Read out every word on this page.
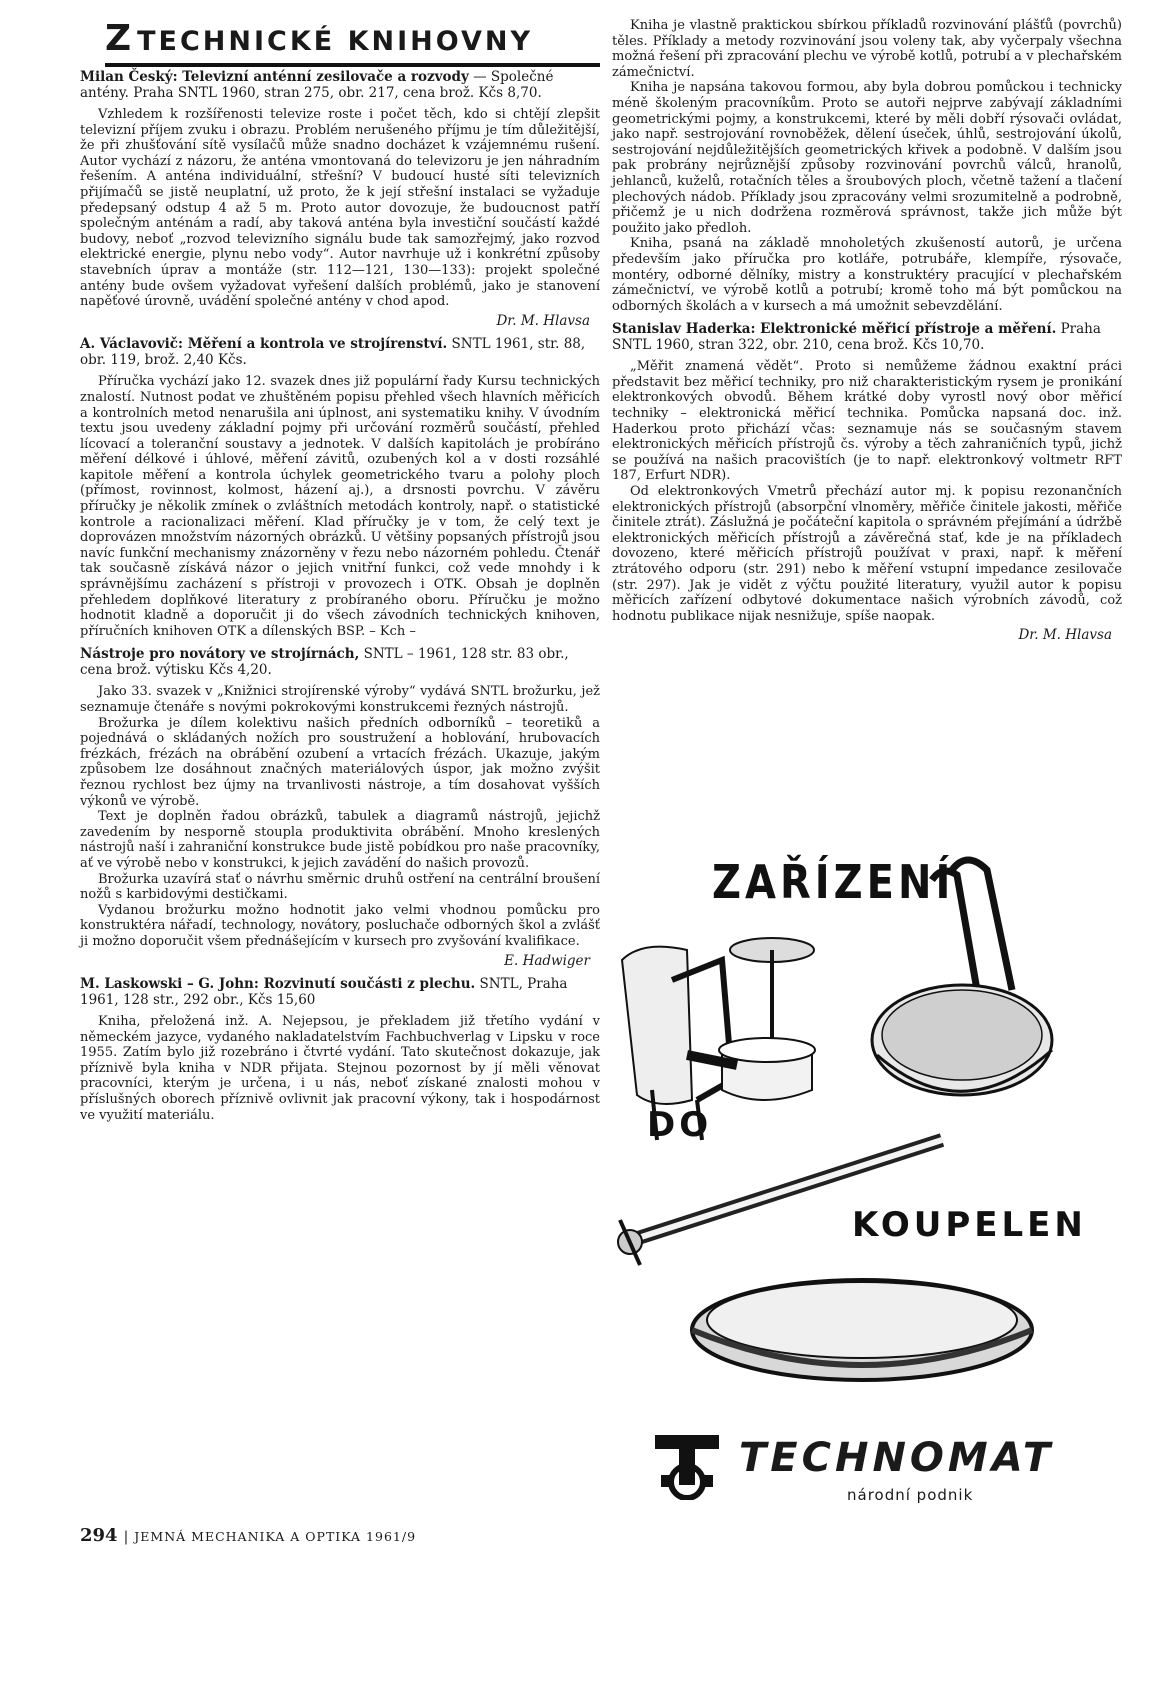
Z TECHNICKÉ KNIHOVNY
Milan Český: Televizní anténní zesilovače a rozvody — Společné antény. Praha SNTL 1960, stran 275, obr. 217, cena brož. Kčs 8,70.

Vzhledem k rozšířenosti televize roste i počet těch, kdo si chtějí zlepšit televizní příjem zvuku i obrazu. Problém nerušeného příjmu je tím důležitější, že při zhušťování sítě vysílačů může snadno docházet k vzájemnému rušení. Autor vychází z názoru, že anténa vmontovaná do televizoru je jen náhradním řešením. A anténa individuální, střešní? V budoucí husté síti televizních přijímačů se jistě neuplatní, už proto, že k její střešní instalaci se vyžaduje předepsaný odstup 4 až 5 m. Proto autor dovozuje, že budoucnost patří společným anténám a radí, aby taková anténa byla investiční součástí každé budovy, neboť „rozvod televizního signálu bude tak samozřejmý, jako rozvod elektrické energie, plynu nebo vody“. Autor navrhuje už i konkrétní způsoby stavebních úprav a montáže (str. 112—121, 130—133): projekt společné antény bude ovšem vyžadovat vyřešení dalších problémů, jako je stanovení napěťové úrovně, uvádění společné antény v chod apod.

Dr. M. Hlavsa
A. Václavovič: Měření a kontrola ve strojírenství. SNTL 1961, str. 88, obr. 119, brož. 2,40 Kčs.

Příručka vychází jako 12. svazek dnes již populární řady Kursu technických znalostí. Nutnost podat ve zhuštěném popisu přehled všech hlavních měřicích a kontrolních metod nenarušila ani úplnost, ani systematiku knihy. V úvodním textu jsou uvedeny základní pojmy při určování rozměrů součástí, přehled lícovací a toleranční soustavy a jednotek. V dalších kapitolách je probíráno měření délkové i úhlové, měření závitů, ozubených kol a v dosti rozsáhlé kapitole měření a kontrola úchylek geometrického tvaru a polohy ploch (přímost, rovinnost, kolmost, házení aj.), a drsnosti povrchu. V závěru příručky je několik zmínek o zvláštních metodách kontroly, např. o statistické kontrole a racionalizaci měření. Klad příručky je v tom, že celý text je doprovázen množstvím názorných obrázků. U většiny popsaných přístrojů jsou navíc funkční mechanismy znázorněny v řezu nebo názorném pohledu. Čtenář tak současně získává názor o jejich vnitřní funkci, což vede mnohdy i k správnějšímu zacházení s přístroji v provozech i OTK. Obsah je doplněn přehledem doplňkové literatury z probíraného oboru. Příručku je možno hodnotit kladně a doporučit ji do všech závodních technických knihoven, příručních knihoven OTK a dílenských BSP. – Kch –

Nástroje pro novátory ve strojírnách, SNTL – 1961, 128 str. 83 obr., cena brož. výtisku Kčs 4,20.

Jako 33. svazek v „Knižnici strojírenské výroby“ vydává SNTL brožurku, jež seznamuje čtenáře s novými pokrokovými konstrukcemi řezných nástrojů.

Brožurka je dílem kolektivu našich předních odborníků – teoretiků a pojednává o skládaných nožích pro soustružení a hoblování, hrubovacích frézkách, frézách na obrábění ozubení a vrtacích frézách. Ukazuje, jakým způsobem lze dosáhnout značných materiálových úspor, jak možno zvýšit řeznou rychlost bez újmy na trvanlivosti nástroje, a tím dosahovat vyšších výkonů ve výrobě.

Text je doplněn řadou obrázků, tabulek a diagramů nástrojů, jejichž zavedením by nesporně stoupla produktivita obrábění. Mnoho kreslených nástrojů naší i zahraniční konstrukce bude jistě pobídkou pro naše pracovníky, ať ve výrobě nebo v konstrukci, k jejich zavádění do našich provozů.

Brožurka uzavírá stať o návrhu směrnic druhů ostření na centrální broušení nožů s karbidovými destičkami.

Vydanou brožurku možno hodnotit jako velmi vhodnou pomůcku pro konstruktéra nářadí, technology, novátory, posluchače odborných škol a zvlášť ji možno doporučit všem přednášejícím v kursech pro zvyšování kvalifikace.

E. Hadwiger
M. Laskowski – G. John: Rozvinutí součásti z plechu. SNTL, Praha 1961, 128 str., 292 obr., Kčs 15,60

Kniha, přeložená inž. A. Nejepsou, je překladem již třetího vydání v německém jazyce, vydaného nakladatelstvím Fachbuchverlag v Lipsku v roce 1955. Zatím bylo již rozebráno i čtvrté vydání. Tato skutečnost dokazuje, jak příznivě byla kniha v NDR přijata. Stejnou pozornost by jí měli věnovat pracovníci, kterým je určena, i u nás, neboť získané znalosti mohou v příslušných oborech příznivě ovlivnit jak pracovní výkony, tak i hospodárnost ve využití materiálu.

Kniha je vlastně praktickou sbírkou příkladů rozvinování plášťů (povrchů) těles. Příklady a metody rozvinování jsou voleny tak, aby vyčerpaly všechna možná řešení při zpracování plechu ve výrobě kotlů, potrubí a v plechařském zámečnictví.

Kniha je napsána takovou formou, aby byla dobrou pomůckou i technicky méně školeným pracovníkům. Proto se autoři nejprve zabývají základními geometrickými pojmy, a konstrukcemi, které by měli dobří rýsovači ovládat, jako např. sestrojování rovnoběžek, dělení úseček, úhlů, sestrojování úkolů, sestrojování nejdůležitějších geometrických křivek a podobně. V dalším jsou pak probrány nejrůznější způsoby rozvinování povrchů válců, hranolů, jehlanců, kuželů, rotačních těles a šroubových ploch, včetně tažení a tlačení plechových nádob. Příklady jsou zpracovány velmi srozumitelně a podrobně, přičemž je u nich dodržena rozměrová správnost, takže jich může být použito jako předloh.

Kniha, psaná na základě mnoholetých zkušeností autorů, je určena především jako příručka pro kotláře, potrubáře, klempíře, rýsovače, montéry, odborné dělníky, mistry a konstruktéry pracující v plechařském zámečnictví, ve výrobě kotlů a potrubí; kromě toho má být pomůckou na odborných školách a v kursech a má umožnit sebevzdělání.

Stanislav Haderka: Elektronické měřicí přístroje a měření. Praha SNTL 1960, stran 322, obr. 210, cena brož. Kčs 10,70.

„Měřit znamená vědět“. Proto si nemůžeme žádnou exaktní práci představit bez měřicí techniky, pro niž charakteristickým rysem je pronikání elektronkových obvodů. Během krátké doby vyrostl nový obor měřicí techniky – elektronická měřicí technika. Pomůcka napsaná doc. inž. Haderkou proto přichází včas: seznamuje nás se současným stavem elektronických měřicích přístrojů čs. výroby a těch zahraničních typů, jichž se používá na našich pracovištích (je to např. elektronkový voltmetr RFT 187, Erfurt NDR).

Od elektronkových Vmetrů přechází autor mj. k popisu rezonančních elektronických přístrojů (absorpční vlnoměry, měřiče činitele jakosti, měřiče činitele ztrát). Záslužná je počáteční kapitola o správném přejímání a údržbě elektronických měřicích přístrojů a závěrečná stať, kde je na příkladech dovozeno, které měřicích přístrojů používat v praxi, např. k měření ztrátového odporu (str. 291) nebo k měření vstupní impedance zesilovače (str. 297). Jak je vidět z výčtu použité literatury, využil autor k popisu měřicích zařízení odbytové dokumentace našich výrobních závodů, což hodnotu publikace nijak nesnižuje, spíše naopak.

Dr. M. Hlavsa
ZAŘÍZENÍ
DO
KOUPELEN
TECHNOMAT
národní podnik
294 | JEMNÁ MECHANIKA A OPTIKA 1961/9
